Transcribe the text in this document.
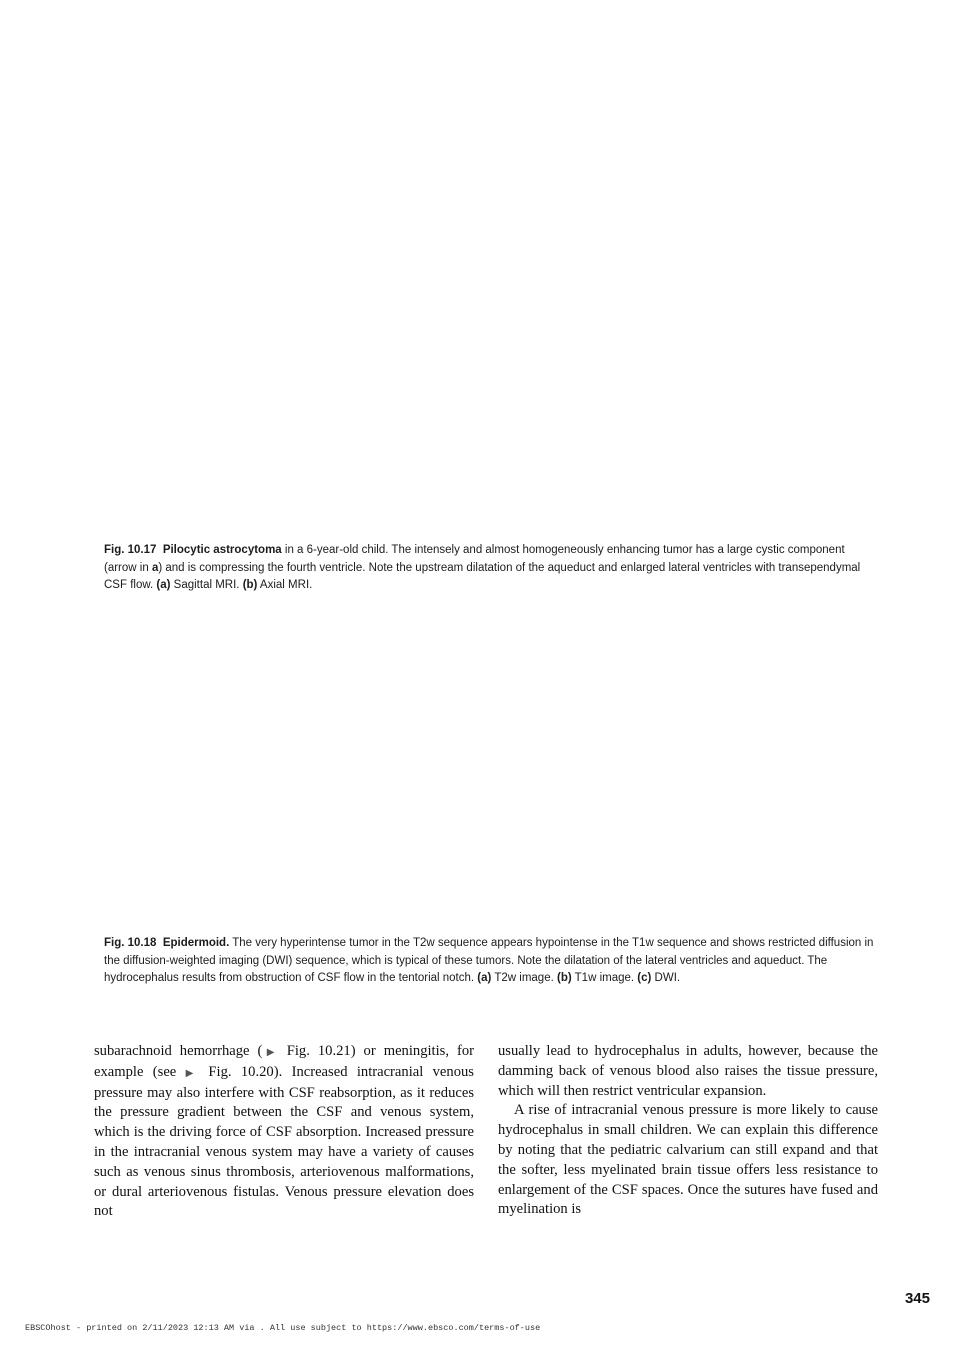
Fig. 10.17 Pilocytic astrocytoma in a 6-year-old child. The intensely and almost homogeneously enhancing tumor has a large cystic component (arrow in a) and is compressing the fourth ventricle. Note the upstream dilatation of the aqueduct and enlarged lateral ventricles with transependymal CSF flow. (a) Sagittal MRI. (b) Axial MRI.
Fig. 10.18 Epidermoid. The very hyperintense tumor in the T2w sequence appears hypointense in the T1w sequence and shows restricted diffusion in the diffusion-weighted imaging (DWI) sequence, which is typical of these tumors. Note the dilatation of the lateral ventricles and aqueduct. The hydrocephalus results from obstruction of CSF flow in the tentorial notch. (a) T2w image. (b) T1w image. (c) DWI.

subarachnoid hemorrhage (▶ Fig. 10.21) or meningitis, for example (see ▶ Fig. 10.20). Increased intracranial venous pressure may also interfere with CSF reabsorption, as it reduces the pressure gradient between the CSF and venous system, which is the driving force of CSF absorption. Increased pressure in the intracranial venous system may have a variety of causes such as venous sinus thrombosis, arteriovenous malformations, or dural arteriovenous fistulas. Venous pressure elevation does not

usually lead to hydrocephalus in adults, however, because the damming back of venous blood also raises the tissue pressure, which will then restrict ventricular expansion.

A rise of intracranial venous pressure is more likely to cause hydrocephalus in small children. We can explain this difference by noting that the pediatric calvarium can still expand and that the softer, less myelinated brain tissue offers less resistance to enlargement of the CSF spaces. Once the sutures have fused and myelination is

345
EBSCOhost - printed on 2/11/2023 12:13 AM via . All use subject to https://www.ebsco.com/terms-of-use
